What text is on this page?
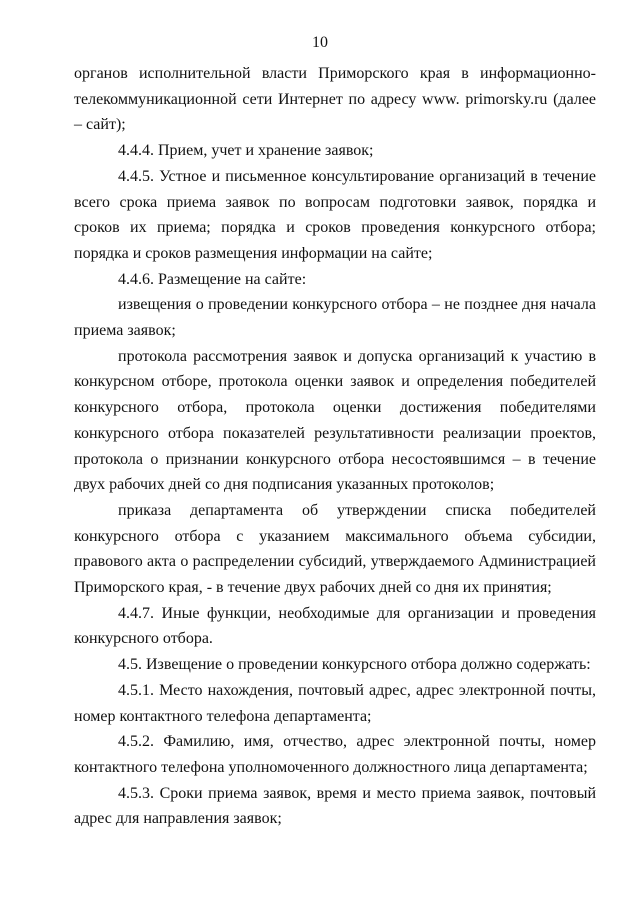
10

органов исполнительной власти Приморского края в информационно-телекоммуникационной сети Интернет по адресу www. primorsky.ru (далее – сайт);

4.4.4. Прием, учет и хранение заявок;

4.4.5. Устное и письменное консультирование организаций в течение всего срока приема заявок по вопросам подготовки заявок, порядка и сроков их приема; порядка и сроков проведения конкурсного отбора; порядка и сроков размещения информации на сайте;

4.4.6. Размещение на сайте:

извещения о проведении конкурсного отбора – не позднее дня начала приема заявок;

протокола рассмотрения заявок и допуска организаций к участию в конкурсном отборе, протокола оценки заявок и определения победителей конкурсного отбора, протокола оценки достижения победителями конкурсного отбора показателей результативности реализации проектов, протокола о признании конкурсного отбора несостоявшимся – в течение двух рабочих дней со дня подписания указанных протоколов;

приказа департамента об утверждении списка победителей конкурсного отбора с указанием максимального объема субсидии, правового акта о распределении субсидий, утверждаемого Администрацией Приморского края, - в течение двух рабочих дней со дня их принятия;

4.4.7. Иные функции, необходимые для организации и проведения конкурсного отбора.

4.5. Извещение о проведении конкурсного отбора должно содержать:

4.5.1. Место нахождения, почтовый адрес, адрес электронной почты, номер контактного телефона департамента;

4.5.2. Фамилию, имя, отчество, адрес электронной почты, номер контактного телефона уполномоченного должностного лица департамента;

4.5.3. Сроки приема заявок, время и место приема заявок, почтовый адрес для направления заявок;
